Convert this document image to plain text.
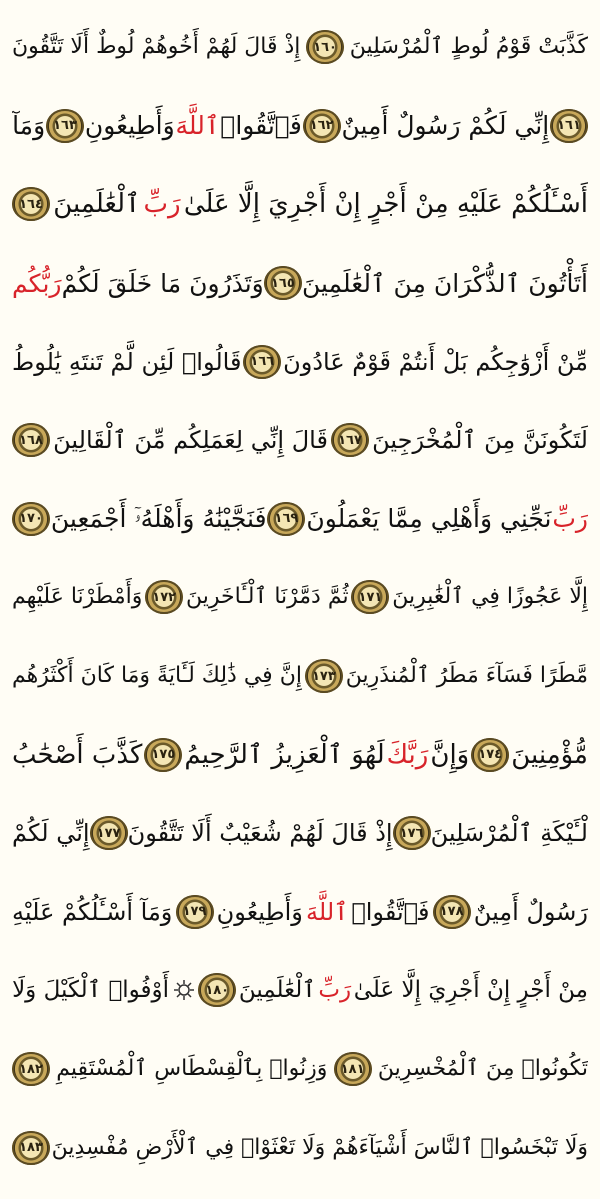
كَذَّبَتْ قَوْمُ لُوطٍ ٱلْمُرْسَلِينَ
١٦٠
إِذْ قَالَ لَهُمْ أَخُوهُمْ لُوطٌ أَلَا تَتَّقُونَ
١٦١
إِنِّي لَكُمْ رَسُولٌ أَمِينٌ
١٦٢
فَٱتَّقُوا۟
ٱللَّهَ
وَأَطِيعُونِ
١٦٣
وَمَآ
أَسْـَٔلُكُمْ عَلَيْهِ مِنْ أَجْرٍ إِنْ أَجْرِيَ إِلَّا عَلَىٰ
رَبِّ
ٱلْعَٰلَمِينَ
١٦٤
أَتَأْتُونَ ٱلذُّكْرَانَ مِنَ ٱلْعَٰلَمِينَ
١٦٥
وَتَذَرُونَ مَا خَلَقَ لَكُمْ
رَبُّكُم
مِّنْ أَزْوَٰجِكُم بَلْ أَنتُمْ قَوْمٌ عَادُونَ
١٦٦
قَالُوا۟ لَئِن لَّمْ تَنتَهِ يَٰلُوطُ
لَتَكُونَنَّ مِنَ ٱلْمُخْرَجِينَ
١٦٧
قَالَ إِنِّي لِعَمَلِكُم مِّنَ ٱلْقَالِينَ
١٦٨
رَبِّ
نَجِّنِي وَأَهْلِي مِمَّا يَعْمَلُونَ
١٦٩
فَنَجَّيْنَٰهُ وَأَهْلَهُۥٓ أَجْمَعِينَ
١٧٠
إِلَّا عَجُوزًا فِي ٱلْغَٰبِرِينَ
١٧١
ثُمَّ دَمَّرْنَا ٱلْـَٔاخَرِينَ
١٧٢
وَأَمْطَرْنَا عَلَيْهِم
مَّطَرًا فَسَآءَ مَطَرُ ٱلْمُنذَرِينَ
١٧٣
إِنَّ فِي ذَٰلِكَ لَـَٔايَةً وَمَا كَانَ أَكْثَرُهُم
مُّؤْمِنِينَ
١٧٤
وَإِنَّ
رَبَّكَ
لَهُوَ ٱلْعَزِيزُ ٱلرَّحِيمُ
١٧٥
كَذَّبَ أَصْحَٰبُ
لْـَٔيْكَةِ ٱلْمُرْسَلِينَ
١٧٦
إِذْ قَالَ لَهُمْ شُعَيْبٌ أَلَا تَتَّقُونَ
١٧٧
إِنِّي لَكُمْ
رَسُولٌ أَمِينٌ
١٧٨
فَٱتَّقُوا۟
ٱللَّهَ
وَأَطِيعُونِ
١٧٩
وَمَآ أَسْـَٔلُكُمْ عَلَيْهِ
مِنْ أَجْرٍ إِنْ أَجْرِيَ إِلَّا عَلَىٰ
رَبِّ
ٱلْعَٰلَمِينَ
١٨٠
أَوْفُوا۟ ٱلْكَيْلَ وَلَا
تَكُونُوا۟ مِنَ ٱلْمُخْسِرِينَ
١٨١
وَزِنُوا۟ بِٱلْقِسْطَاسِ ٱلْمُسْتَقِيمِ
١٨٢
وَلَا تَبْخَسُوا۟ ٱلنَّاسَ أَشْيَآءَهُمْ وَلَا تَعْثَوْا۟ فِي ٱلْأَرْضِ مُفْسِدِينَ
١٨٣
